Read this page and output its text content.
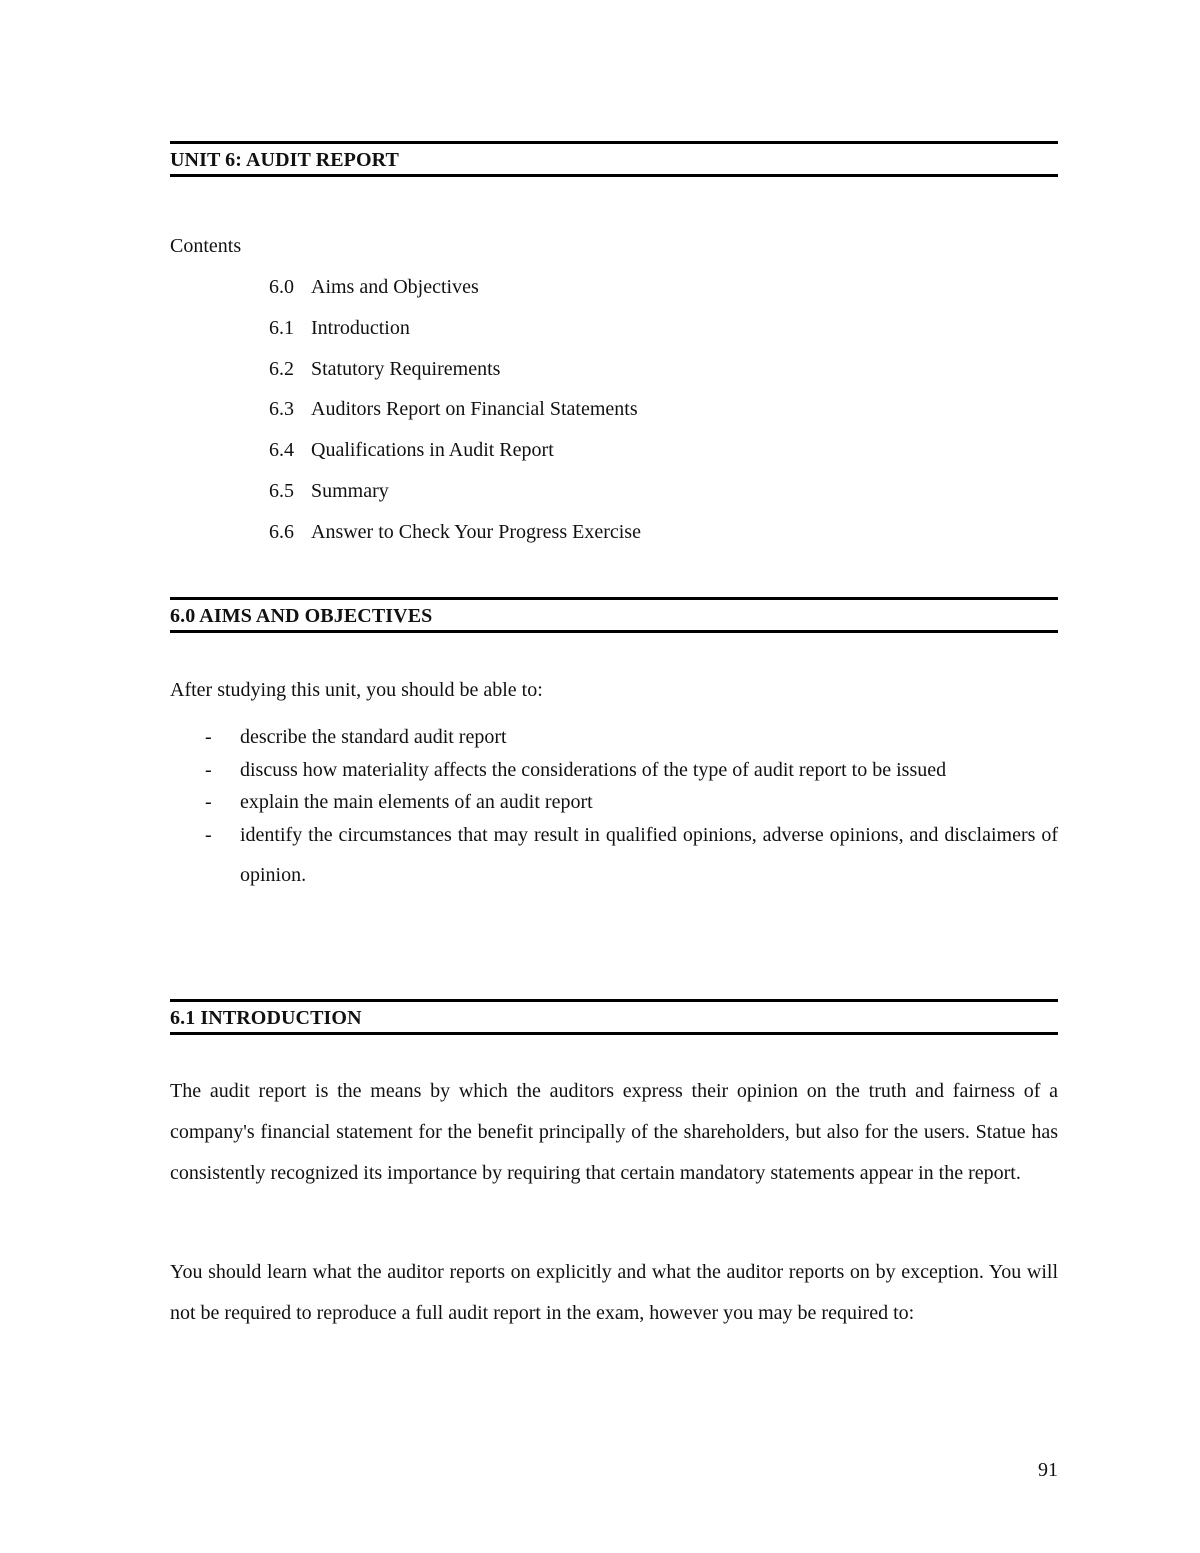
UNIT 6: AUDIT REPORT
Contents
6.0 Aims and Objectives
6.1 Introduction
6.2 Statutory Requirements
6.3 Auditors Report on Financial Statements
6.4 Qualifications in Audit Report
6.5 Summary
6.6 Answer to Check Your Progress Exercise
6.0 AIMS AND OBJECTIVES
After studying this unit, you should be able to:
- describe the standard audit report
- discuss how materiality affects the considerations of the type of audit report to be issued
- explain the main elements of an audit report
- identify the circumstances that may result in qualified opinions, adverse opinions, and disclaimers of opinion.
6.1 INTRODUCTION

The audit report is the means by which the auditors express their opinion on the truth and fairness of a company's financial statement for the benefit principally of the shareholders, but also for the users. Statue has consistently recognized its importance by requiring that certain mandatory statements appear in the report.

You should learn what the auditor reports on explicitly and what the auditor reports on by exception. You will not be required to reproduce a full audit report in the exam, however you may be required to:

91
